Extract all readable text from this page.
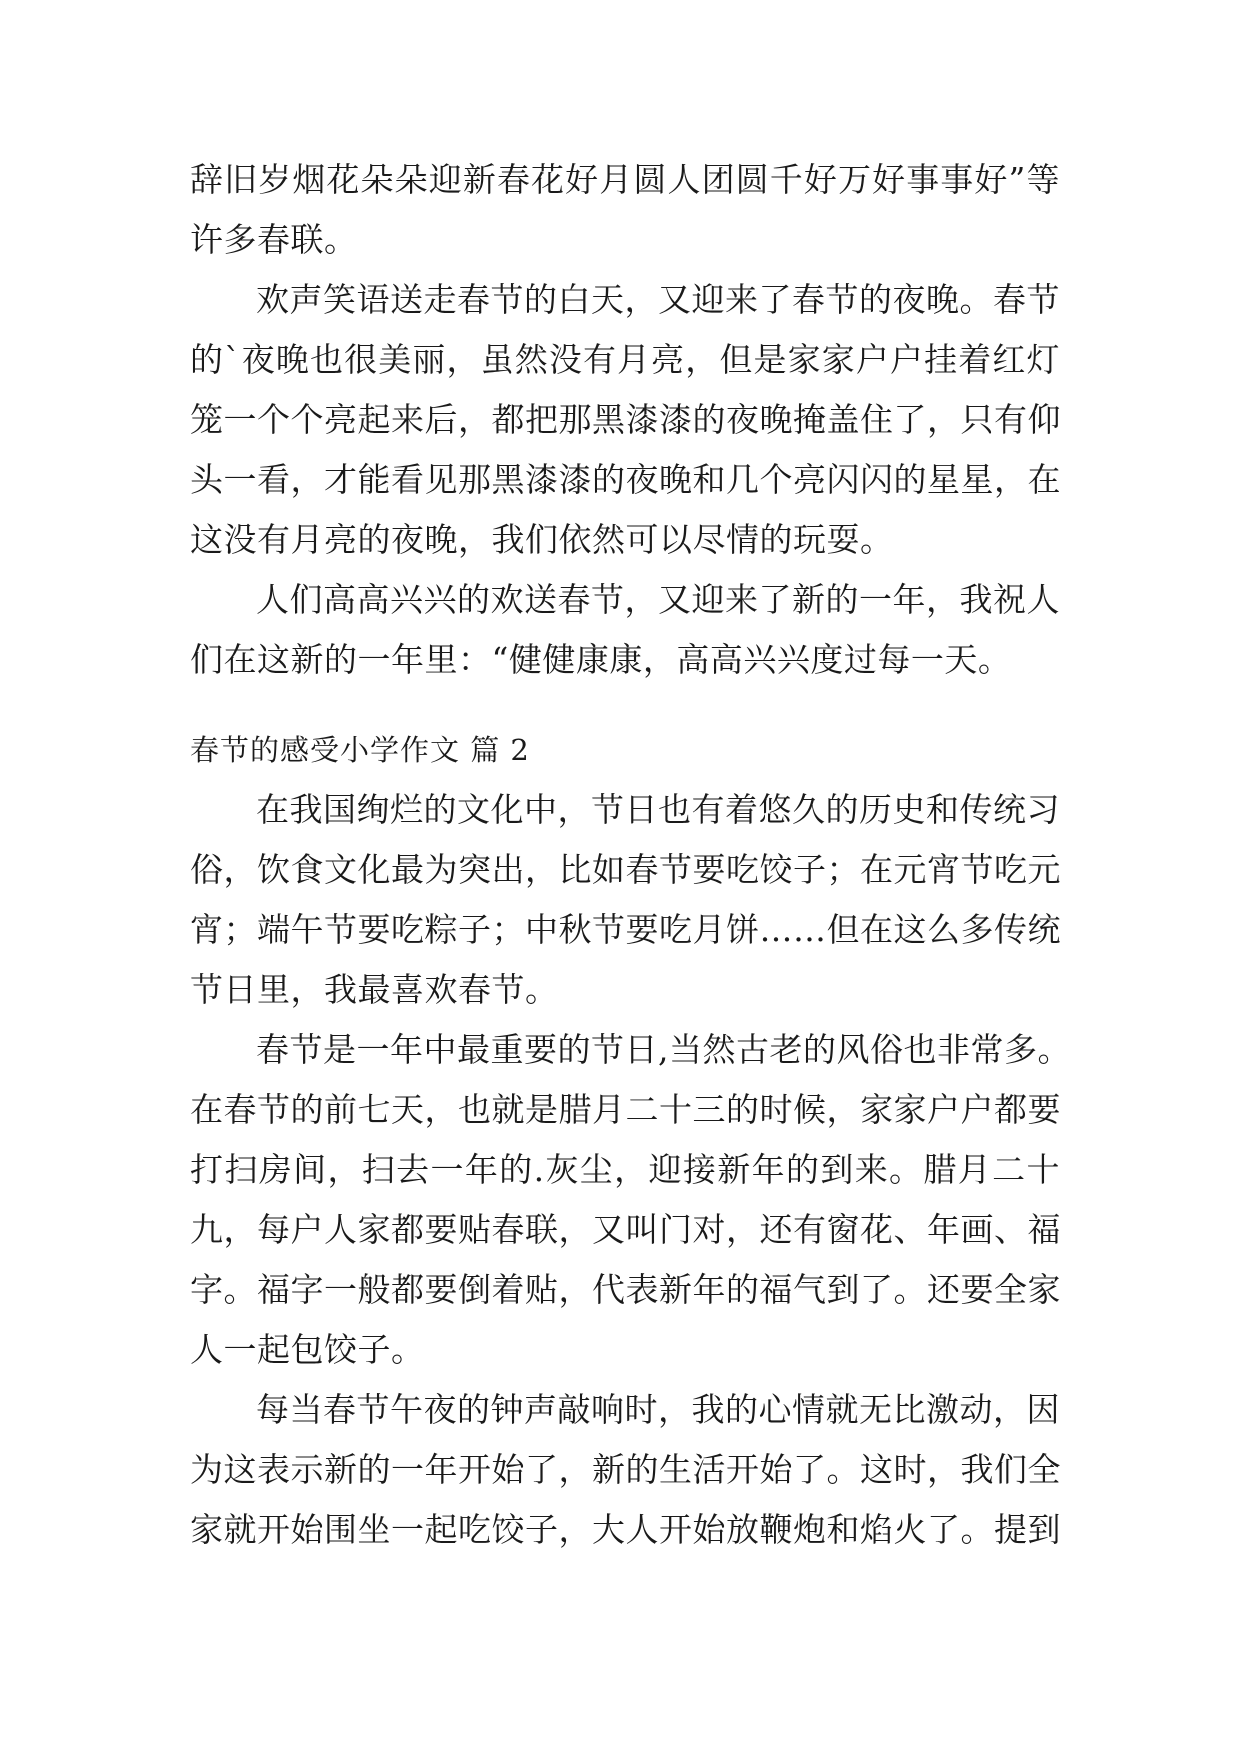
辞旧岁烟花朵朵迎新春花好月圆人团圆千好万好事事好”等
许多春联。
欢声笑语送走春节的白天，又迎来了春节的夜晚。春节
的`夜晚也很美丽，虽然没有月亮，但是家家户户挂着红灯
笼一个个亮起来后，都把那黑漆漆的夜晚掩盖住了，只有仰
头一看，才能看见那黑漆漆的夜晚和几个亮闪闪的星星，在
这没有月亮的夜晚，我们依然可以尽情的玩耍。
人们高高兴兴的欢送春节，又迎来了新的一年，我祝人
们在这新的一年里：“健健康康，高高兴兴度过每一天。
春节的感受小学作文 篇 2
在我国绚烂的文化中，节日也有着悠久的历史和传统习
俗，饮食文化最为突出，比如春节要吃饺子；在元宵节吃元
宵；端午节要吃粽子；中秋节要吃月饼……但在这么多传统
节日里，我最喜欢春节。
春节是一年中最重要的节日,当然古老的风俗也非常多。
在春节的前七天，也就是腊月二十三的时候，家家户户都要
打扫房间，扫去一年的.灰尘，迎接新年的到来。腊月二十
九，每户人家都要贴春联，又叫门对，还有窗花、年画、福
字。福字一般都要倒着贴，代表新年的福气到了。还要全家
人一起包饺子。
每当春节午夜的钟声敲响时，我的心情就无比激动，因
为这表示新的一年开始了，新的生活开始了。这时，我们全
家就开始围坐一起吃饺子，大人开始放鞭炮和焰火了。提到
